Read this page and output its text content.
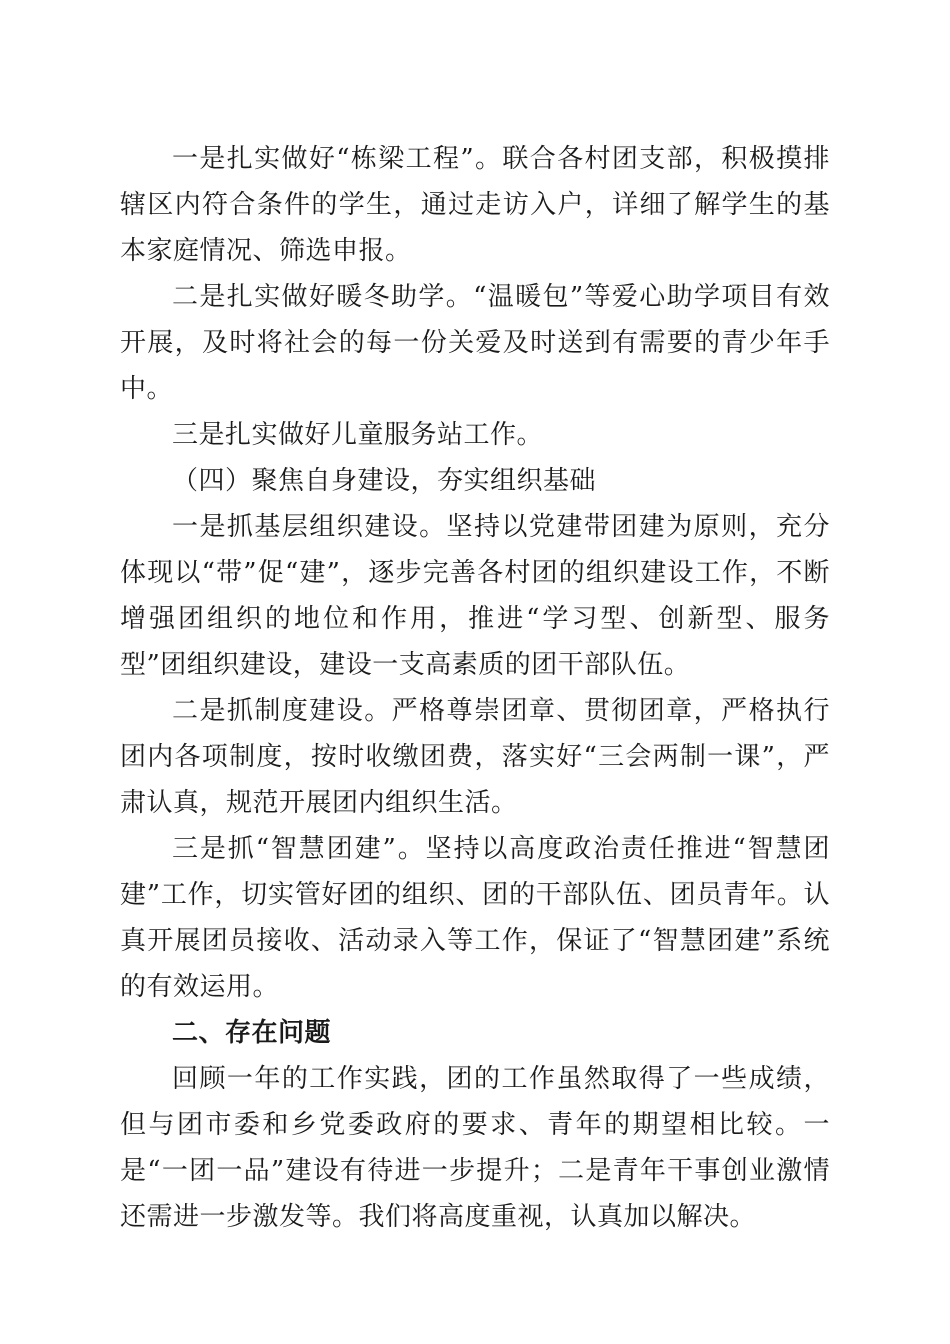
一是扎实做好“栋梁工程”。联合各村团支部，积极摸排辖区内符合条件的学生，通过走访入户，详细了解学生的基本家庭情况、筛选申报。

二是扎实做好暖冬助学。“温暖包”等爱心助学项目有效开展，及时将社会的每一份关爱及时送到有需要的青少年手中。

三是扎实做好儿童服务站工作。

（四）聚焦自身建设，夯实组织基础

一是抓基层组织建设。坚持以党建带团建为原则，充分体现以“带”促“建”，逐步完善各村团的组织建设工作，不断增强团组织的地位和作用，推进“学习型、创新型、服务型”团组织建设，建设一支高素质的团干部队伍。

二是抓制度建设。严格尊崇团章、贯彻团章，严格执行团内各项制度，按时收缴团费，落实好“三会两制一课”，严肃认真，规范开展团内组织生活。

三是抓“智慧团建”。坚持以高度政治责任推进“智慧团建”工作，切实管好团的组织、团的干部队伍、团员青年。认真开展团员接收、活动录入等工作，保证了“智慧团建”系统的有效运用。

二、存在问题

回顾一年的工作实践，团的工作虽然取得了一些成绩，但与团市委和乡党委政府的要求、青年的期望相比较。一是“一团一品”建设有待进一步提升；二是青年干事创业激情还需进一步激发等。我们将高度重视，认真加以解决。
